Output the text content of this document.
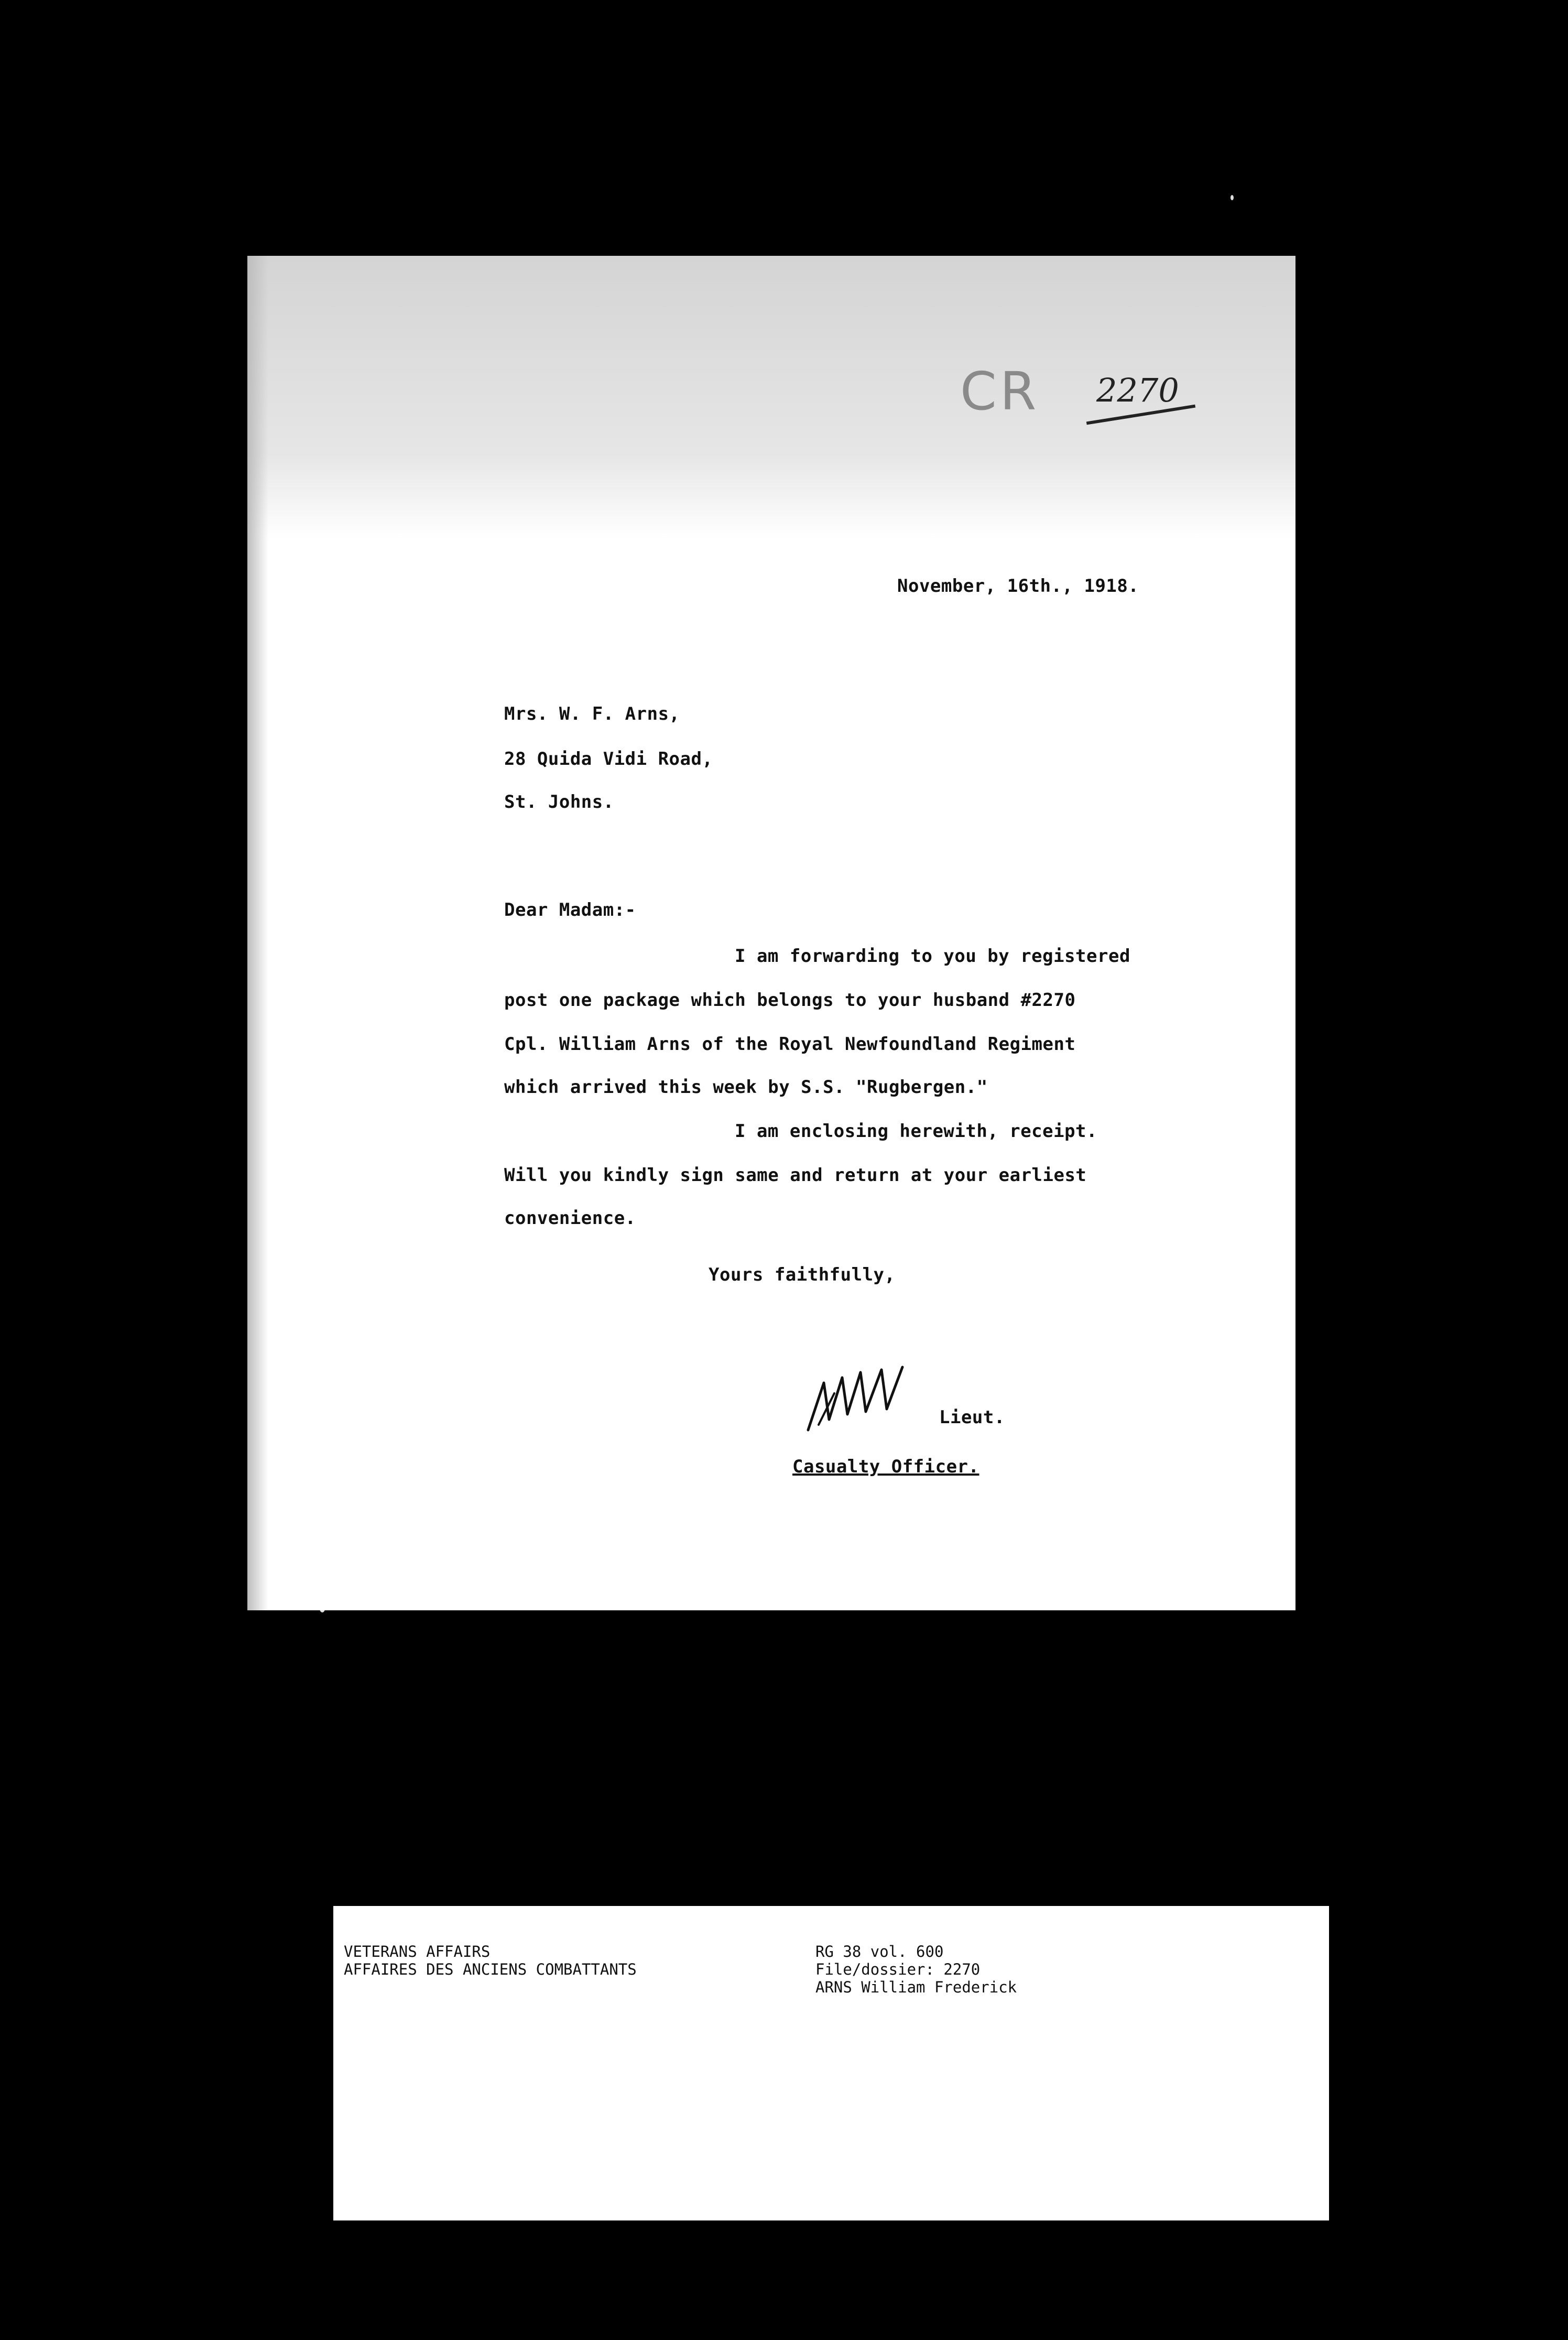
CR 2270

November, 16th., 1918.

Mrs. W. F. Arns,

28 Quida Vidi Road,

St. Johns.

Dear Madam:-

I am forwarding to you by registered

post one package which belongs to your husband #2270

Cpl. William Arns of the Royal Newfoundland Regiment

which arrived this week by S.S. "Rugbergen."

I am enclosing herewith, receipt.

Will you kindly sign same and return at your earliest

convenience.

Yours faithfully,

Lieut.

Casualty Officer.

VETERANS AFFAIRS
AFFAIRES DES ANCIENS COMBATTANTS
RG 38 vol. 600
File/dossier: 2270
ARNS William Frederick
